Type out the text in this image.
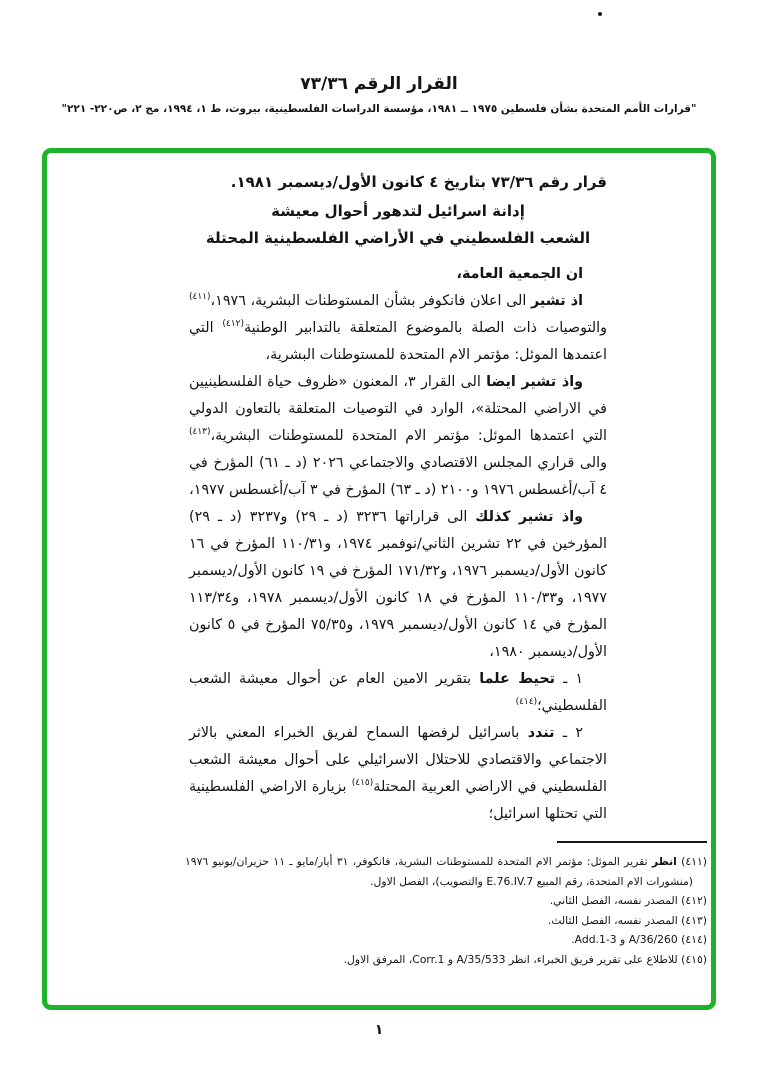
القرار الرقم ٧٣/٣٦
"قرارات الأمم المتحدة بشأن فلسطين ١٩٧٥ ــ ١٩٨١، مؤسسة الدراسات الفلسطينية، بيروت، ط ١، ١٩٩٤، مج ٢، ص٢٢٠- ٢٢١"
قرار رقم ٧٣/٣٦ بتاريخ ٤ كانون الأول/ديسمبر ١٩٨١.
إدانة اسرائيل لتدهور أحوال معيشة
الشعب الفلسطيني في الأراضي الفلسطينية المحتلة

ان الجمعية العامة،

اذ تشير الى اعلان فانكوفر بشأن المستوطنات البشرية، ١٩٧٦،$^{(٤١١)}$ والتوصيات ذات الصلة بالموضوع المتعلقة بالتدابير الوطنية$^{(٤١٢)}$ التي اعتمدها الموئل: مؤتمر الام المتحدة للمستوطنات البشرية،

واذ تشير ايضا الى القرار ٣، المعنون «ظروف حياة الفلسطينيين في الاراضي المحتلة»، الوارد في التوصيات المتعلقة بالتعاون الدولي التي اعتمدها الموئل: مؤتمر الام المتحدة للمستوطنات البشرية،$^{(٤١٣)}$ والى قراري المجلس الاقتصادي والاجتماعي ٢٠٢٦ (د ـ ٦١) المؤرخ في ٤ آب/أغسطس ١٩٧٦ و٢١٠٠ (د ـ ٦٣) المؤرخ في ٣ آب/أغسطس ١٩٧٧،

واذ تشير كذلك الى قراراتها ٣٢٣٦ (د ـ ٢٩) و٣٢٣٧ (د ـ ٢٩) المؤرخين في ٢٢ تشرين الثاني/نوفمبر ١٩٧٤، و١١٠/٣١ المؤرخ في ١٦ كانون الأول/ديسمبر ١٩٧٦، و١٧١/٣٢ المؤرخ في ١٩ كانون الأول/ديسمبر ١٩٧٧، و١١٠/٣٣ المؤرخ في ١٨ كانون الأول/ديسمبر ١٩٧٨، و١١٣/٣٤ المؤرخ في ١٤ كانون الأول/ديسمبر ١٩٧٩، و٧٥/٣٥ المؤرخ في ٥ كانون الأول/ديسمبر ١٩٨٠،

١ ـ تحيط علما بتقرير الامين العام عن أحوال معيشة الشعب الفلسطيني؛$^{(٤١٤)}$

٢ ـ تندد باسرائيل لرفضها السماح لفريق الخبراء المعني بالاثر الاجتماعي والاقتصادي للاحتلال الاسرائيلي على أحوال معيشة الشعب الفلسطيني في الاراضي العربية المحتلة$^{(٤١٥)}$ بزيارة الاراضي الفلسطينية التي تحتلها اسرائيل؛

(٤١١) انظر تقرير الموئل: مؤتمر الام المتحدة للمستوطنات البشرية، فانكوفر، ٣١ أيار/مايو ـ ١١ حزيران/يونيو ١٩٧٦ (منشورات الام المتحدة، رقم المبيع E.76.IV.7 والتصويب)، الفصل الاول.

(٤١٢) المصدر نفسه، الفصل الثاني.

(٤١٣) المصدر نفسه، الفصل الثالث.

(٤١٤) A/36/260 و Add.1-3.

(٤١٥) للاطلاع على تقرير فريق الخبراء، انظر A/35/533 و Corr.1، المرفق الاول.

١
